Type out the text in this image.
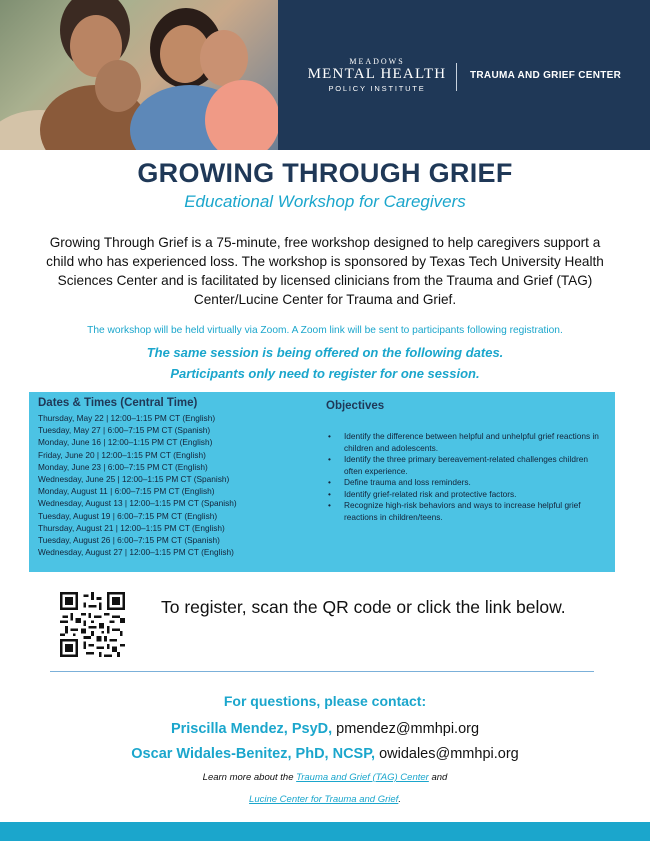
MEADOWS
MENTAL HEALTH
POLICY INSTITUTE
TRAUMA AND GRIEF CENTER
GROWING THROUGH GRIEF
Educational Workshop for Caregivers

Growing Through Grief is a 75-minute, free workshop designed to help caregivers support a child who has experienced loss. The workshop is sponsored by Texas Tech University Health Sciences Center and is facilitated by licensed clinicians from the Trauma and Grief (TAG) Center/Lucine Center for Trauma and Grief.

The workshop will be held virtually via Zoom. A Zoom link will be sent to participants following registration.

The same session is being offered on the following dates.

Participants only need to register for one session.

Dates & Times (Central Time)
Thursday, May 22 | 12:00–1:15 PM CT (English)
Tuesday, May 27 | 6:00–7:15 PM CT (Spanish)
Monday, June 16 | 12:00–1:15 PM CT (English)
Friday, June 20 | 12:00–1:15 PM CT (English)
Monday, June 23 | 6:00–7:15 PM CT (English)
Wednesday, June 25 | 12:00–1:15 PM CT (Spanish)
Monday, August 11 | 6:00–7:15 PM CT (English)
Wednesday, August 13 | 12:00–1:15 PM CT (Spanish)
Tuesday, August 19 | 6:00–7:15 PM CT (English)
Thursday, August 21 | 12:00–1:15 PM CT (English)
Tuesday, August 26 | 6:00–7:15 PM CT (Spanish)
Wednesday, August 27 | 12:00–1:15 PM CT (English)
Objectives
• Identify the difference between helpful and unhelpful grief reactions in children and adolescents.
• Identify the three primary bereavement-related challenges children often experience.
• Define trauma and loss reminders.
• Identify grief-related risk and protective factors.
• Recognize high-risk behaviors and ways to increase helpful grief reactions in children/teens.
To register, scan the QR code or click the link below.
For questions, please contact:
Priscilla Mendez, PsyD, pmendez@mmhpi.org
Oscar Widales-Benitez, PhD, NCSP, owidales@mmhpi.org
Learn more about the Trauma and Grief (TAG) Center and
Lucine Center for Trauma and Grief.
